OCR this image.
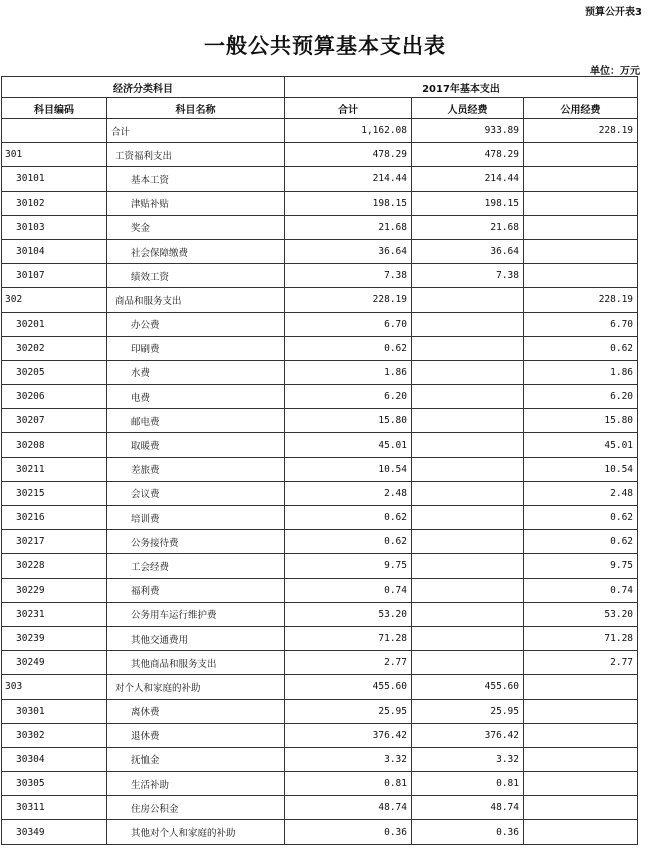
预算公开表3
一般公共预算基本支出表
单位：万元
经济分类科目		2017年基本支出		
科目编码	科目名称	合计	人员经费	公用经费
	合计	1,162.08	933.89	228.19
301	工资福利支出	478.29	478.29	
30101	基本工资	214.44	214.44	
30102	津贴补贴	198.15	198.15	
30103	奖金	21.68	21.68	
30104	社会保障缴费	36.64	36.64	
30107	绩效工资	7.38	7.38	
302	商品和服务支出	228.19		228.19
30201	办公费	6.70		6.70
30202	印刷费	0.62		0.62
30205	水费	1.86		1.86
30206	电费	6.20		6.20
30207	邮电费	15.80		15.80
30208	取暖费	45.01		45.01
30211	差旅费	10.54		10.54
30215	会议费	2.48		2.48
30216	培训费	0.62		0.62
30217	公务接待费	0.62		0.62
30228	工会经费	9.75		9.75
30229	福利费	0.74		0.74
30231	公务用车运行维护费	53.20		53.20
30239	其他交通费用	71.28		71.28
30249	其他商品和服务支出	2.77		2.77
303	对个人和家庭的补助	455.60	455.60	
30301	离休费	25.95	25.95	
30302	退休费	376.42	376.42	
30304	抚恤金	3.32	3.32	
30305	生活补助	0.81	0.81	
30311	住房公积金	48.74	48.74	
30349	其他对个人和家庭的补助	0.36	0.36	
